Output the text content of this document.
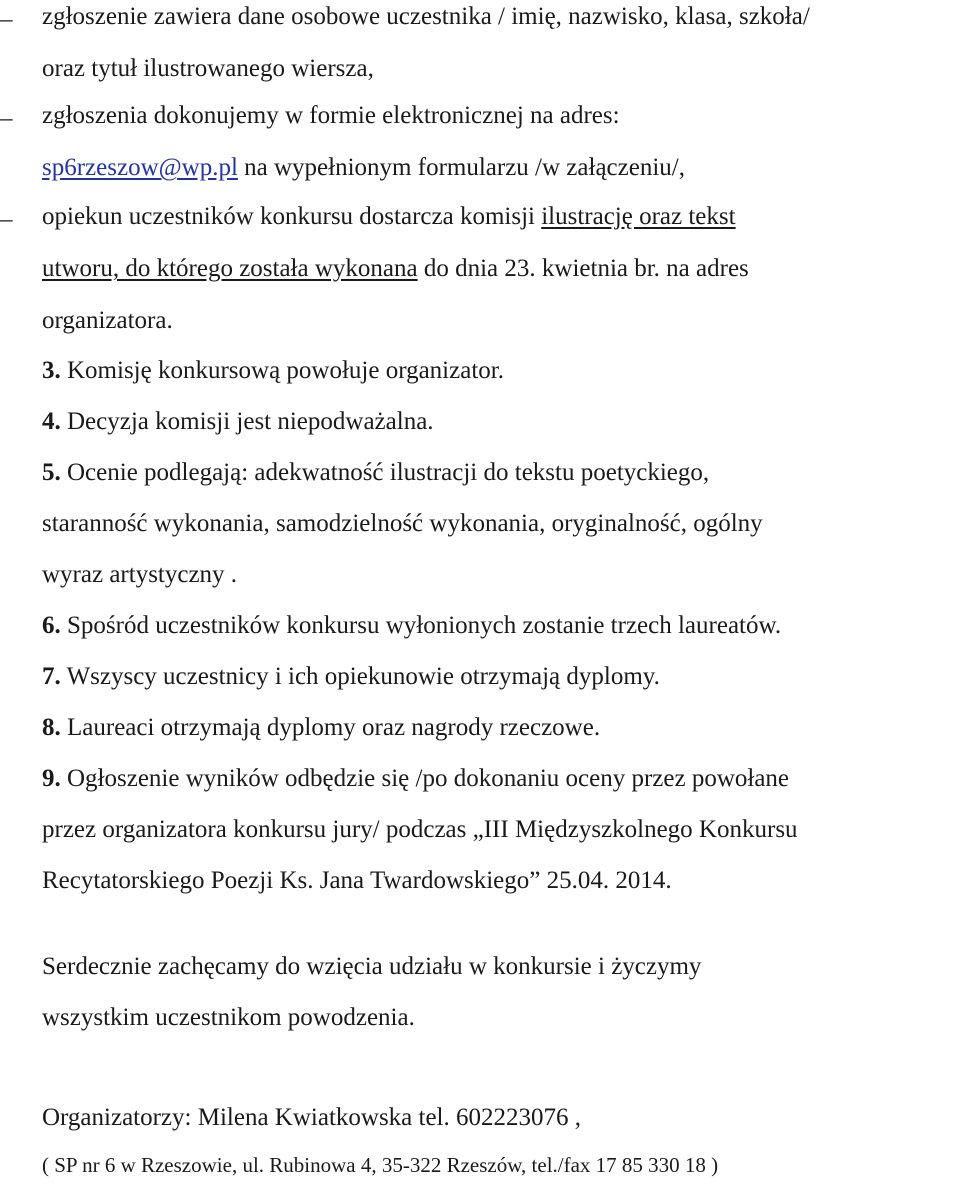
– zgłoszenie zawiera dane osobowe uczestnika / imię, nazwisko, klasa, szkoła/
oraz tytuł ilustrowanego wiersza,
– zgłoszenia dokonujemy w formie elektronicznej na adres:
sp6rzeszow@wp.pl na wypełnionym formularzu /w załączeniu/,
– opiekun uczestników konkursu dostarcza komisji ilustrację oraz tekst
utworu, do którego została wykonana do dnia 23. kwietnia br. na adres
organizatora.
3. Komisję konkursową powołuje organizator.
4. Decyzja komisji jest niepodważalna.
5. Ocenie podlegają: adekwatność ilustracji do tekstu poetyckiego,
staranność wykonania, samodzielność wykonania, oryginalność, ogólny
wyraz artystyczny .
6. Spośród uczestników konkursu wyłonionych zostanie trzech laureatów.
7. Wszyscy uczestnicy i ich opiekunowie otrzymają dyplomy.
8. Laureaci otrzymają dyplomy oraz nagrody rzeczowe.
9. Ogłoszenie wyników odbędzie się /po dokonaniu oceny przez powołane
przez organizatora konkursu jury/ podczas „III Międzyszkolnego Konkursu
Recytatorskiego Poezji Ks. Jana Twardowskiego” 25.04. 2014.
Serdecznie zachęcamy do wzięcia udziału w konkursie i życzymy
wszystkim uczestnikom powodzenia.
Organizatorzy: Milena Kwiatkowska tel. 602223076 ,
( SP nr 6 w Rzeszowie, ul. Rubinowa 4, 35-322 Rzeszów, tel./fax 17 85 330 18 )
